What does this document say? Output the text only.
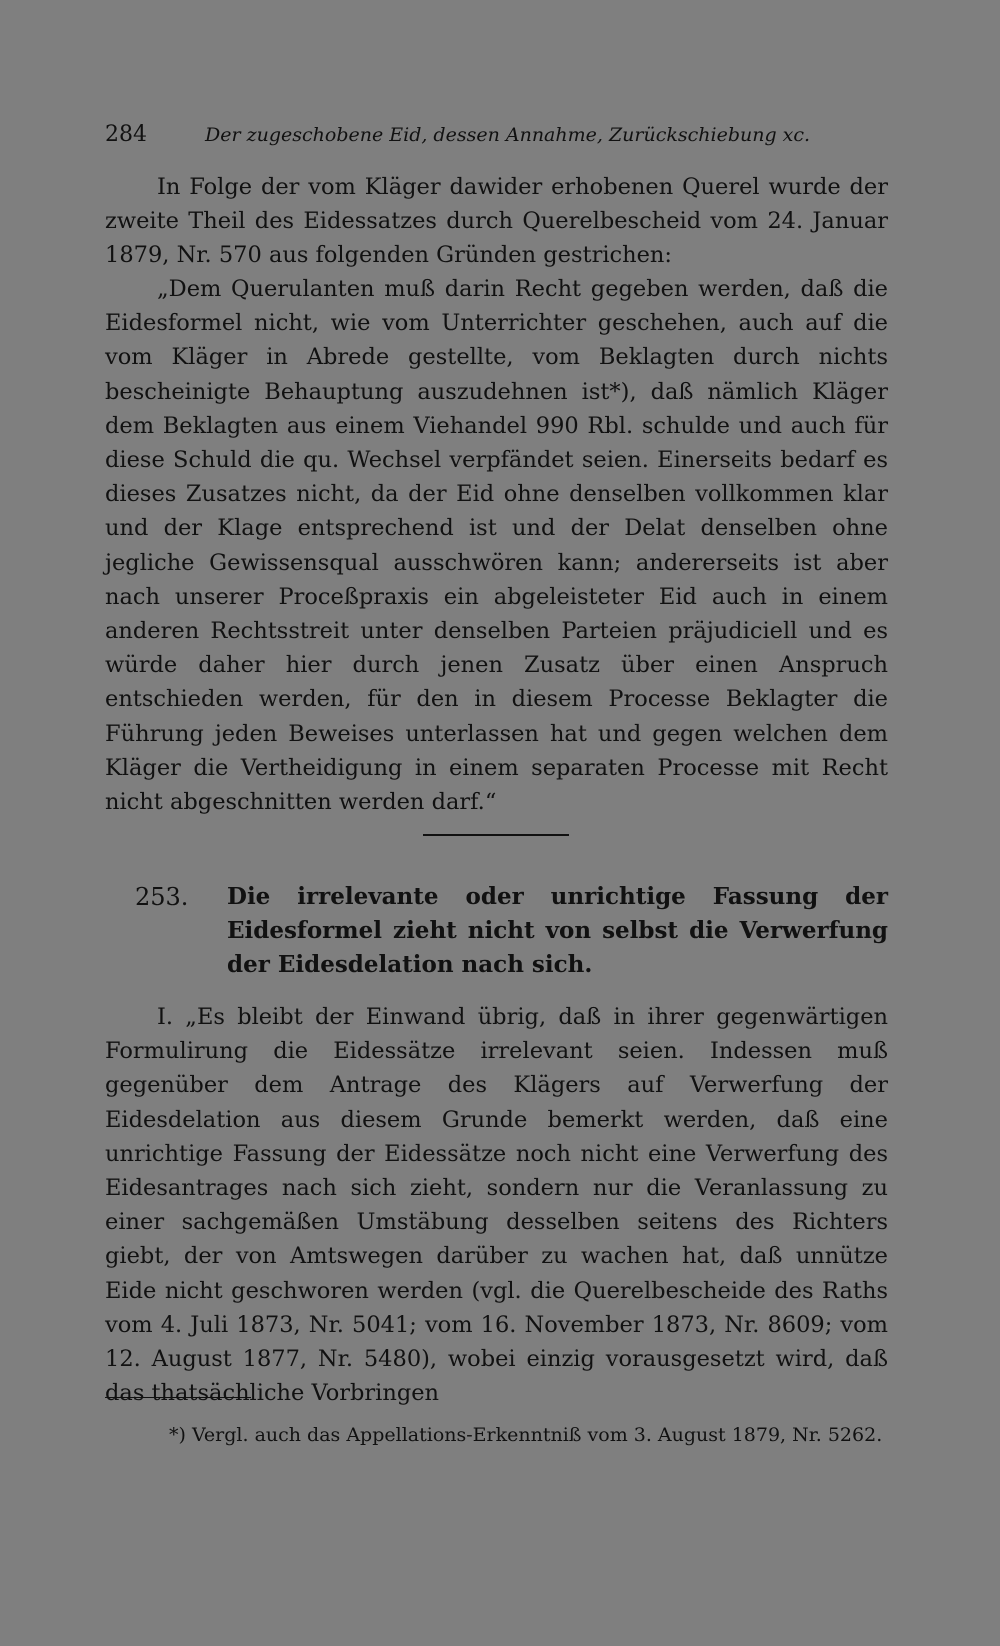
284	Der zugeschobene Eid, dessen Annahme, Zurückschiebung xc.

In Folge der vom Kläger dawider erhobenen Querel wurde der zweite Theil des Eidessatzes durch Querelbescheid vom 24. Januar 1879, Nr. 570 aus folgenden Gründen gestrichen:

„Dem Querulanten muß darin Recht gegeben werden, daß die Eidesformel nicht, wie vom Unterrichter geschehen, auch auf die vom Kläger in Abrede gestellte, vom Beklagten durch nichts bescheinigte Behauptung auszudehnen ist*), daß nämlich Kläger dem Beklagten aus einem Viehandel 990 Rbl. schulde und auch für diese Schuld die qu. Wechsel verpfändet seien. Einerseits bedarf es dieses Zusatzes nicht, da der Eid ohne denselben vollkommen klar und der Klage entsprechend ist und der Delat denselben ohne jegliche Gewissensqual ausschwören kann; andererseits ist aber nach unserer Proceßpraxis ein abgeleisteter Eid auch in einem anderen Rechtsstreit unter denselben Parteien präjudiciell und es würde daher hier durch jenen Zusatz über einen Anspruch entschieden werden, für den in diesem Processe Beklagter die Führung jeden Beweises unterlassen hat und gegen welchen dem Kläger die Vertheidigung in einem separaten Processe mit Recht nicht abgeschnitten werden darf.“

253.	Die irrelevante oder unrichtige Fassung der Eidesformel zieht nicht von selbst die Verwerfung der Eidesdelation nach sich.

I. „Es bleibt der Einwand übrig, daß in ihrer gegenwärtigen Formulirung die Eidessätze irrelevant seien. Indessen muß gegenüber dem Antrage des Klägers auf Verwerfung der Eidesdelation aus diesem Grunde bemerkt werden, daß eine unrichtige Fassung der Eidessätze noch nicht eine Verwerfung des Eidesantrages nach sich zieht, sondern nur die Veranlassung zu einer sachgemäßen Umstäbung desselben seitens des Richters giebt, der von Amtswegen darüber zu wachen hat, daß unnütze Eide nicht geschworen werden (vgl. die Querelbescheide des Raths vom 4. Juli 1873, Nr. 5041; vom 16. November 1873, Nr. 8609; vom 12. August 1877, Nr. 5480), wobei einzig vorausgesetzt wird, daß das thatsächliche Vorbringen

*) Vergl. auch das Appellations-Erkenntniß vom 3. August 1879, Nr. 5262.
